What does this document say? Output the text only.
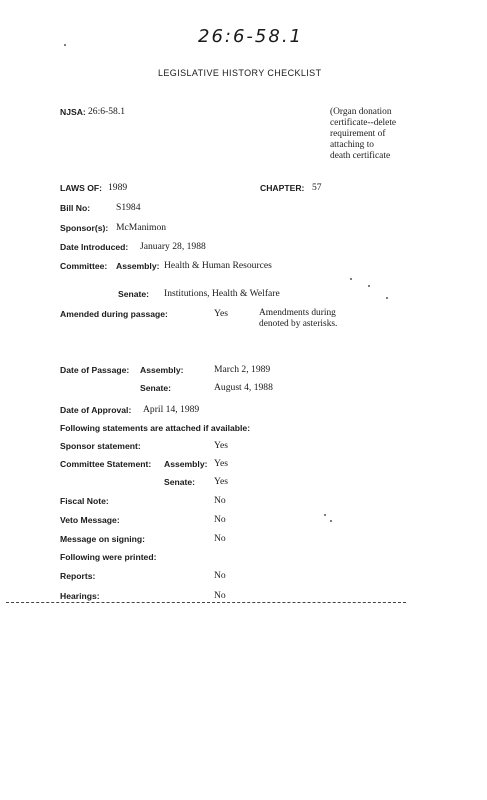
26:6-58.1
LEGISLATIVE HISTORY CHECKLIST
NJSA: 26:6-58.1	(Organ donation
certificate--delete
requirement of
attaching to
death certificate
LAWS OF: 1989	CHAPTER: 57
Bill No:	S1984
Sponsor(s): McManimon
Date Introduced: January 28, 1988
Committee: Assembly: Health & Human Resources
Senate: Institutions, Health & Welfare
Amended during passage:	Yes	Amendments during
denoted by asterisks.
Date of Passage: Assembly:	March 2, 1989
Senate:	August 4, 1988
Date of Approval: April 14, 1989
Following statements are attached if available:
Sponsor statement:	Yes
Committee Statement: Assembly: Yes
Senate: Yes
Fiscal Note:	No
Veto Message:	No
Message on signing:	No
Following were printed:
Reports:	No
Hearings:	No
